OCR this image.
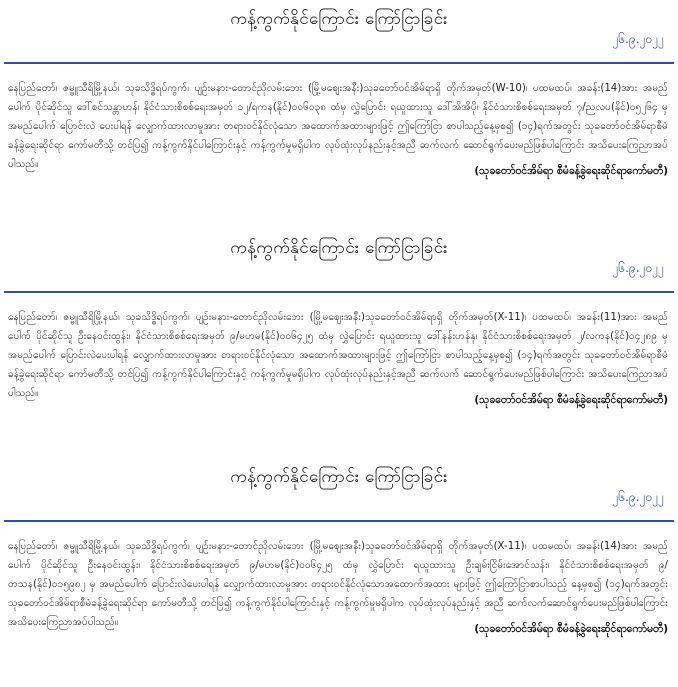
ကန့်ကွက်နိုင်ကြောင်း ကြော်ငြာခြင်း
၂၆.၉.၂၀၂၂
နေပြည်တော်၊ ဇမ္ဗူသီရိမြို့နယ်၊ သုခသိဒ္ဓိရပ်ကွက်၊ ပျဉ်းမနား-တောင်ညိုလမ်းဘေး (မြို့မဈေးအနီး)သုခတော်ဝင်အိမ်ရာရှိ တိုက်အမှတ်(W-10)၊ ပထမထပ်၊ အခန်း(14)အား အမည်ပေါက် ပိုင်ဆိုင်သူ ဒေါ်စင်သန္တာဟန်၊ နိုင်ငံသားစိစစ်ရေးအမှတ် ၁၂/ရကန(နိုင်)၀၀၆၀၃၈ ထံမှ လွှဲပြောင်း ရယူထားသူ ဒေါ်အိအိပို၊ နိုင်ငံသားစိစစ်ရေးအမှတ် ၇/ညလပ(နိုင်)၀၅၂၆၄ မှ အမည်ပေါက် ပြောင်းလဲ ပေးပါရန် လျှောက်ထားလာမှုအား တရားဝင်နိုင်လုံသော အထောက်အထားများဖြင့် ဤကြော်ငြာ စာပါသည့်နေ့မှစ၍ (၁၄)ရက်အတွင်း သုခတော်ဝင်အိမ်ရာစီမံခန့်ခွဲရေးဆိုင်ရာ ကော်မတီသို့ တင်ပြ၍ ကန့်ကွက်နိုင်ပါကြောင်းနှင့် ကန့်ကွက်မှုမရှိပါက လုပ်ထုံးလုပ်နည်းနှင့်အညီ ဆက်လက် ဆောင်ရွက်ပေးမည်ဖြစ်ပါကြောင်း အသိပေးကြေညာအပ်ပါသည်။
(သုခတော်ဝင်အိမ်ရာ စီမံခန့်ခွဲရေးဆိုင်ရာကော်မတီ)
ကန့်ကွက်နိုင်ကြောင်း ကြော်ငြာခြင်း
၂၆.၉.၂၀၂၂
နေပြည်တော်၊ ဇမ္ဗူသီရိမြို့နယ်၊ သုခသိဒ္ဓိရပ်ကွက်၊ ပျဉ်းမနား-တောင်ညိုလမ်းဘေး (မြို့မဈေးအနီး)သုခတော်ဝင်အိမ်ရာရှိ တိုက်အမှတ်(X-11)၊ ပထမထပ်၊ အခန်း(11)အား အမည်ပေါက် ပိုင်ဆိုင်သူ ဦးနေဝင်းထွန်း၊ နိုင်ငံသားစိစစ်ရေးအမှတ် ၉/မဟမ(နိုင်)၀၀၆၄၂၅ ထံမှ လွှဲပြောင်း ရယူထားသူ ဒေါ်နန်းဟန်နု၊ နိုင်ငံသားစိစစ်ရေးအမှတ် ၂/လကန(နိုင်)၀၄၂၈၉ မှ အမည်ပေါက် ပြောင်းလဲပေးပါရန် လျှောက်ထားလာမှုအား တရားဝင်နိုင်လုံသော အထောက်အထားများဖြင့် ဤကြော်ငြာ စာပါသည့်နေ့မှစ၍ (၁၄)ရက်အတွင်း သုခတော်ဝင်အိမ်ရာစီမံခန့်ခွဲရေးဆိုင်ရာ ကော်မတီသို့ တင်ပြ၍ ကန့်ကွက်နိုင်ပါကြောင်းနှင့် ကန့်ကွက်မှုမရှိပါက လုပ်ထုံးလုပ်နည်းနှင့်အညီ ဆက်လက် ဆောင်ရွက်ပေးမည်ဖြစ်ပါကြောင်း အသိပေးကြေညာအပ်ပါသည်။
(သုခတော်ဝင်အိမ်ရာ စီမံခန့်ခွဲရေးဆိုင်ရာကော်မတီ)
ကန့်ကွက်နိုင်ကြောင်း ကြော်ငြာခြင်း
၂၆.၉.၂၀၂၂
နေပြည်တော်၊ ဇမ္ဗူသီရိမြို့နယ်၊ သုခသိဒ္ဓိရပ်ကွက်၊ ပျဉ်းမနား-တောင်ညိုလမ်းဘေး (မြို့မဈေးအနီး)သုခတော်ဝင်အိမ်ရာရှိ တိုက်အမှတ်(X-11)၊ ပထမထပ်၊ အခန်း(14)အား အမည်ပေါက် ပိုင်ဆိုင်သူ ဦးနေဝင်းထွန်း၊ နိုင်ငံသားစိစစ်ရေးအမှတ် ၉/မဟမ(နိုင်)၀၀၆၄၂၅ ထံမှ လွှဲပြောင်း ရယူထားသူ ဦးချမ်းငြိမ်းအောင်သန်း၊ နိုင်ငံသားစိစစ်ရေးအမှတ် ၉/တသန(နိုင်)၀၁၅၉၈၂ မှ အမည်ပေါက် ပြောင်းလဲပေးပါရန် လျှောက်ထားလာမှုအား တရားဝင်နိုင်လုံသောအထောက်အထား များဖြင့် ဤကြော်ငြာစာပါသည့် နေ့မှစ၍ (၁၄)ရက်အတွင်း သုခတော်ဝင်အိမ်ရာစီမံခန့်ခွဲရေးဆိုင်ရာ ကော်မတီသို့ တင်ပြ၍ ကန့်ကွက်နိုင်ပါကြောင်းနှင့် ကန့်ကွက်မှုမရှိပါက လုပ်ထုံးလုပ်နည်းနှင့် အညီ ဆက်လက်ဆောင်ရွက်ပေးမည်ဖြစ်ပါကြောင်း အသိပေးကြေညာအပ်ပါသည်။
(သုခတော်ဝင်အိမ်ရာ စီမံခန့်ခွဲရေးဆိုင်ရာကော်မတီ)
